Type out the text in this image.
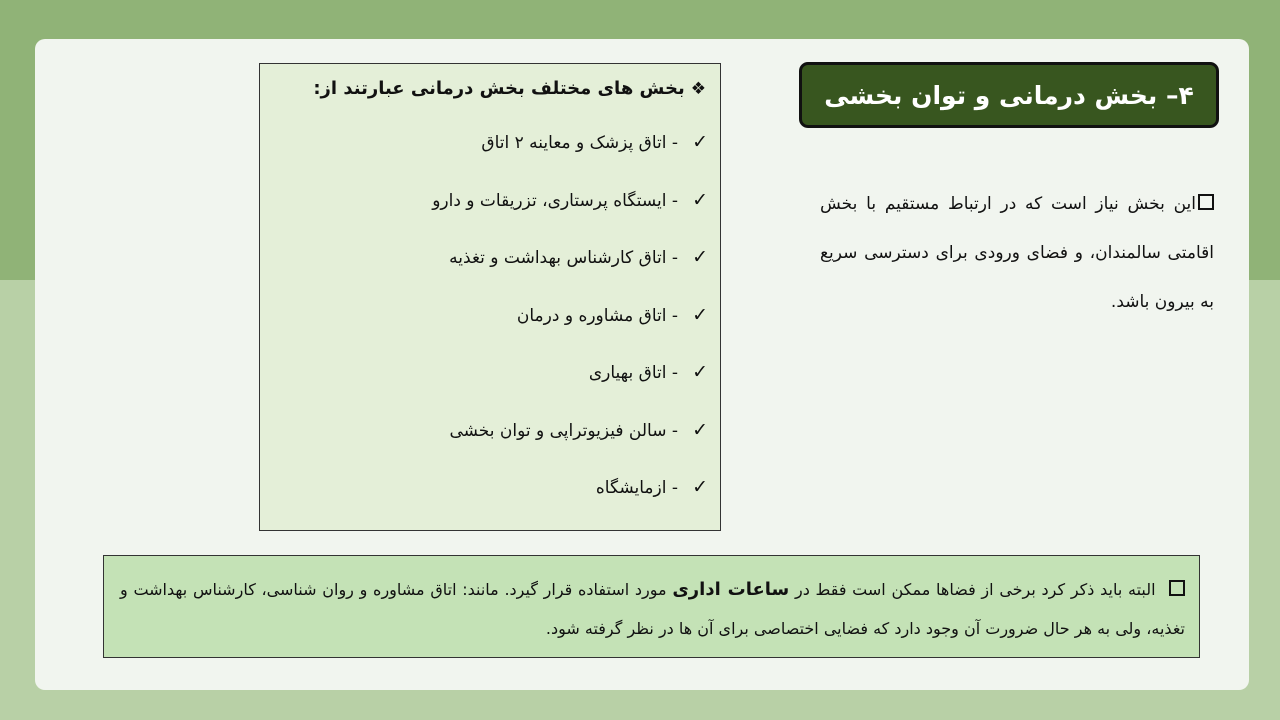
۴– بخش درمانی و توان بخشی
این بخش نیاز است که در ارتباط مستقیم با بخش اقامتی سالمندان، و فضای ورودی برای دسترسی سریع به بیرون باشد.
❖بخش های مختلف بخش درمانی عبارتند از:
✓
- اتاق پزشک و معاینه ۲ اتاق
✓
- ایستگاه پرستاری، تزریقات و دارو
✓
- اتاق کارشناس بهداشت و تغذیه
✓
- اتاق مشاوره و درمان
✓
- اتاق بهیاری
✓
- سالن فیزیوتراپی و توان بخشی
✓
- ازمایشگاه
البته باید ذکر کرد برخی از فضاها ممکن است فقط در ساعات اداری مورد استفاده قرار گیرد. مانند: اتاق مشاوره و روان شناسی، کارشناس بهداشت و تغذیه، ولی به هر حال ضرورت آن وجود دارد که فضایی اختصاصی برای آن ها در نظر گرفته شود.
